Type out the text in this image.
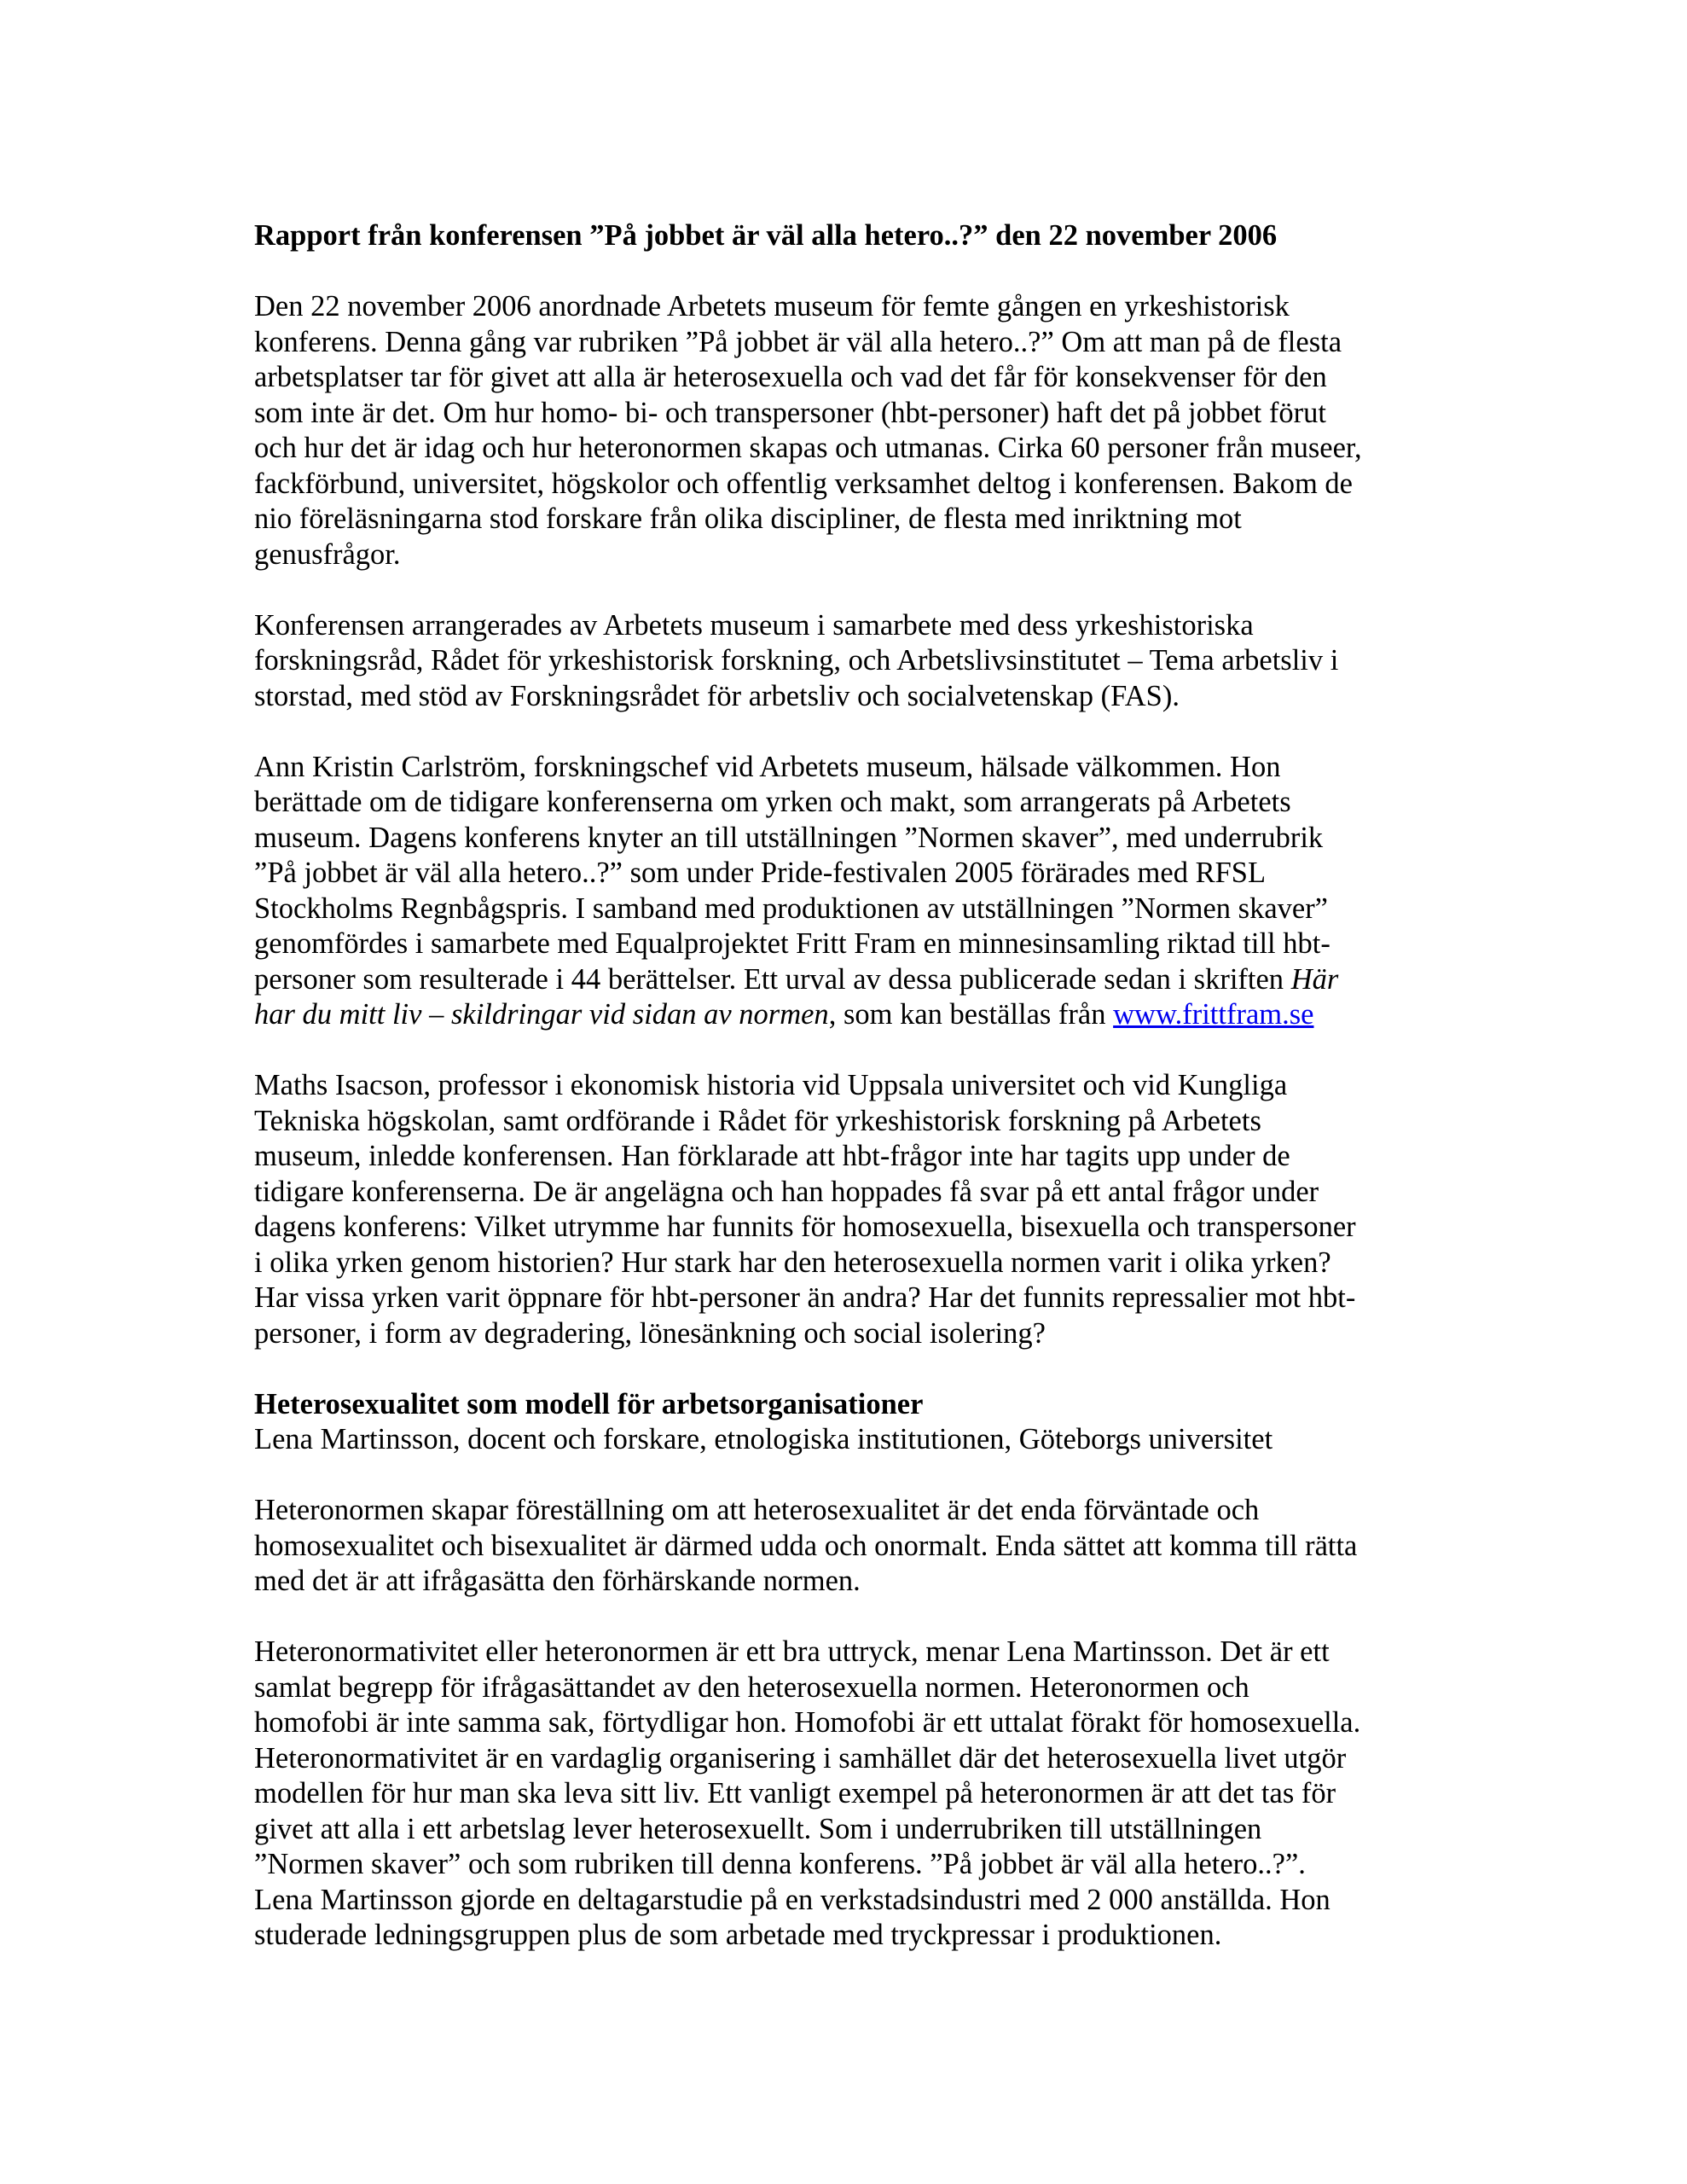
Rapport från konferensen ”På jobbet är väl alla hetero..?” den 22 november 2006
Den 22 november 2006 anordnade Arbetets museum för femte gången en yrkeshistorisk
konferens. Denna gång var rubriken ”På jobbet är väl alla hetero..?” Om att man på de flesta
arbetsplatser tar för givet att alla är heterosexuella och vad det får för konsekvenser för den
som inte är det. Om hur homo- bi- och transpersoner (hbt-personer) haft det på jobbet förut
och hur det är idag och hur heteronormen skapas och utmanas. Cirka 60 personer från museer,
fackförbund, universitet, högskolor och offentlig verksamhet deltog i konferensen. Bakom de
nio föreläsningarna stod forskare från olika discipliner, de flesta med inriktning mot
genusfrågor.
Konferensen arrangerades av Arbetets museum i samarbete med dess yrkeshistoriska
forskningsråd, Rådet för yrkeshistorisk forskning, och Arbetslivsinstitutet – Tema arbetsliv i
storstad, med stöd av Forskningsrådet för arbetsliv och socialvetenskap (FAS).
Ann Kristin Carlström, forskningschef vid Arbetets museum, hälsade välkommen. Hon
berättade om de tidigare konferenserna om yrken och makt, som arrangerats på Arbetets
museum. Dagens konferens knyter an till utställningen ”Normen skaver”, med underrubrik
”På jobbet är väl alla hetero..?” som under Pride-festivalen 2005 förärades med RFSL
Stockholms Regnbågspris. I samband med produktionen av utställningen ”Normen skaver”
genomfördes i samarbete med Equalprojektet Fritt Fram en minnesinsamling riktad till hbt-
personer som resulterade i 44 berättelser. Ett urval av dessa publicerade sedan i skriften Här
har du mitt liv – skildringar vid sidan av normen, som kan beställas från www.frittfram.se
Maths Isacson, professor i ekonomisk historia vid Uppsala universitet och vid Kungliga
Tekniska högskolan, samt ordförande i Rådet för yrkeshistorisk forskning på Arbetets
museum, inledde konferensen. Han förklarade att hbt-frågor inte har tagits upp under de
tidigare konferenserna. De är angelägna och han hoppades få svar på ett antal frågor under
dagens konferens: Vilket utrymme har funnits för homosexuella, bisexuella och transpersoner
i olika yrken genom historien? Hur stark har den heterosexuella normen varit i olika yrken?
Har vissa yrken varit öppnare för hbt-personer än andra? Har det funnits repressalier mot hbt-
personer, i form av degradering, lönesänkning och social isolering?
Heterosexualitet som modell för arbetsorganisationer
Lena Martinsson, docent och forskare, etnologiska institutionen, Göteborgs universitet
Heteronormen skapar föreställning om att heterosexualitet är det enda förväntade och
homosexualitet och bisexualitet är därmed udda och onormalt. Enda sättet att komma till rätta
med det är att ifrågasätta den förhärskande normen.
Heteronormativitet eller heteronormen är ett bra uttryck, menar Lena Martinsson. Det är ett
samlat begrepp för ifrågasättandet av den heterosexuella normen. Heteronormen och
homofobi är inte samma sak, förtydligar hon. Homofobi är ett uttalat förakt för homosexuella.
Heteronormativitet är en vardaglig organisering i samhället där det heterosexuella livet utgör
modellen för hur man ska leva sitt liv. Ett vanligt exempel på heteronormen är att det tas för
givet att alla i ett arbetslag lever heterosexuellt. Som i underrubriken till utställningen
”Normen skaver” och som rubriken till denna konferens. ”På jobbet är väl alla hetero..?”.
Lena Martinsson gjorde en deltagarstudie på en verkstadsindustri med 2 000 anställda. Hon
studerade ledningsgruppen plus de som arbetade med tryckpressar i produktionen.
